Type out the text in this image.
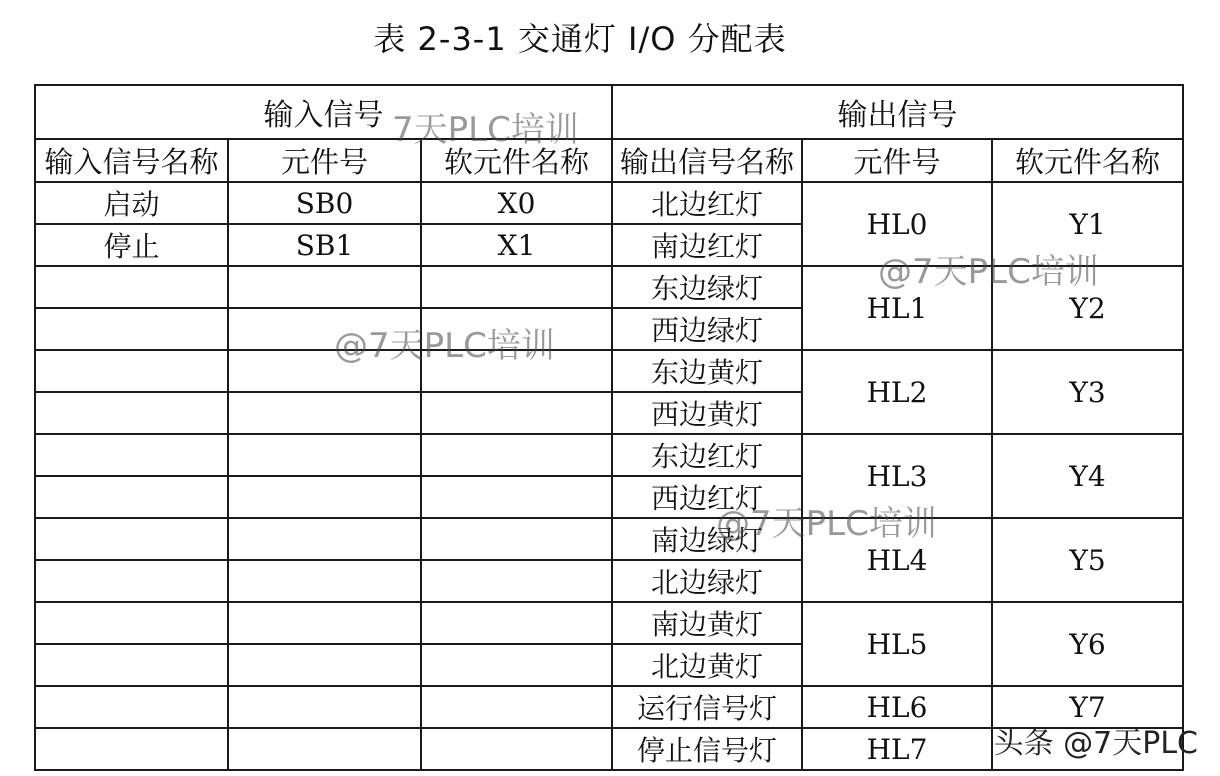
表 2-3-1 交通灯 I/O 分配表
输入信号			输出信号		
输入信号名称	元件号	软元件名称	输出信号名称	元件号	软元件名称
启动	SB0	X0	北边红灯	HL0	Y1
停止	SB1	X1	南边红灯		
			东边绿灯	HL1	Y2
			西边绿灯		
			东边黄灯	HL2	Y3
			西边黄灯		
			东边红灯	HL3	Y4
			西边红灯		
			南边绿灯	HL4	Y5
			北边绿灯		
			南边黄灯	HL5	Y6
			北边黄灯		
			运行信号灯	HL6	Y7
			停止信号灯	HL7	
7天PLC培训
@7天PLC培训
@7天PLC培训
@7天PLC培训
头条 @7天PLC
